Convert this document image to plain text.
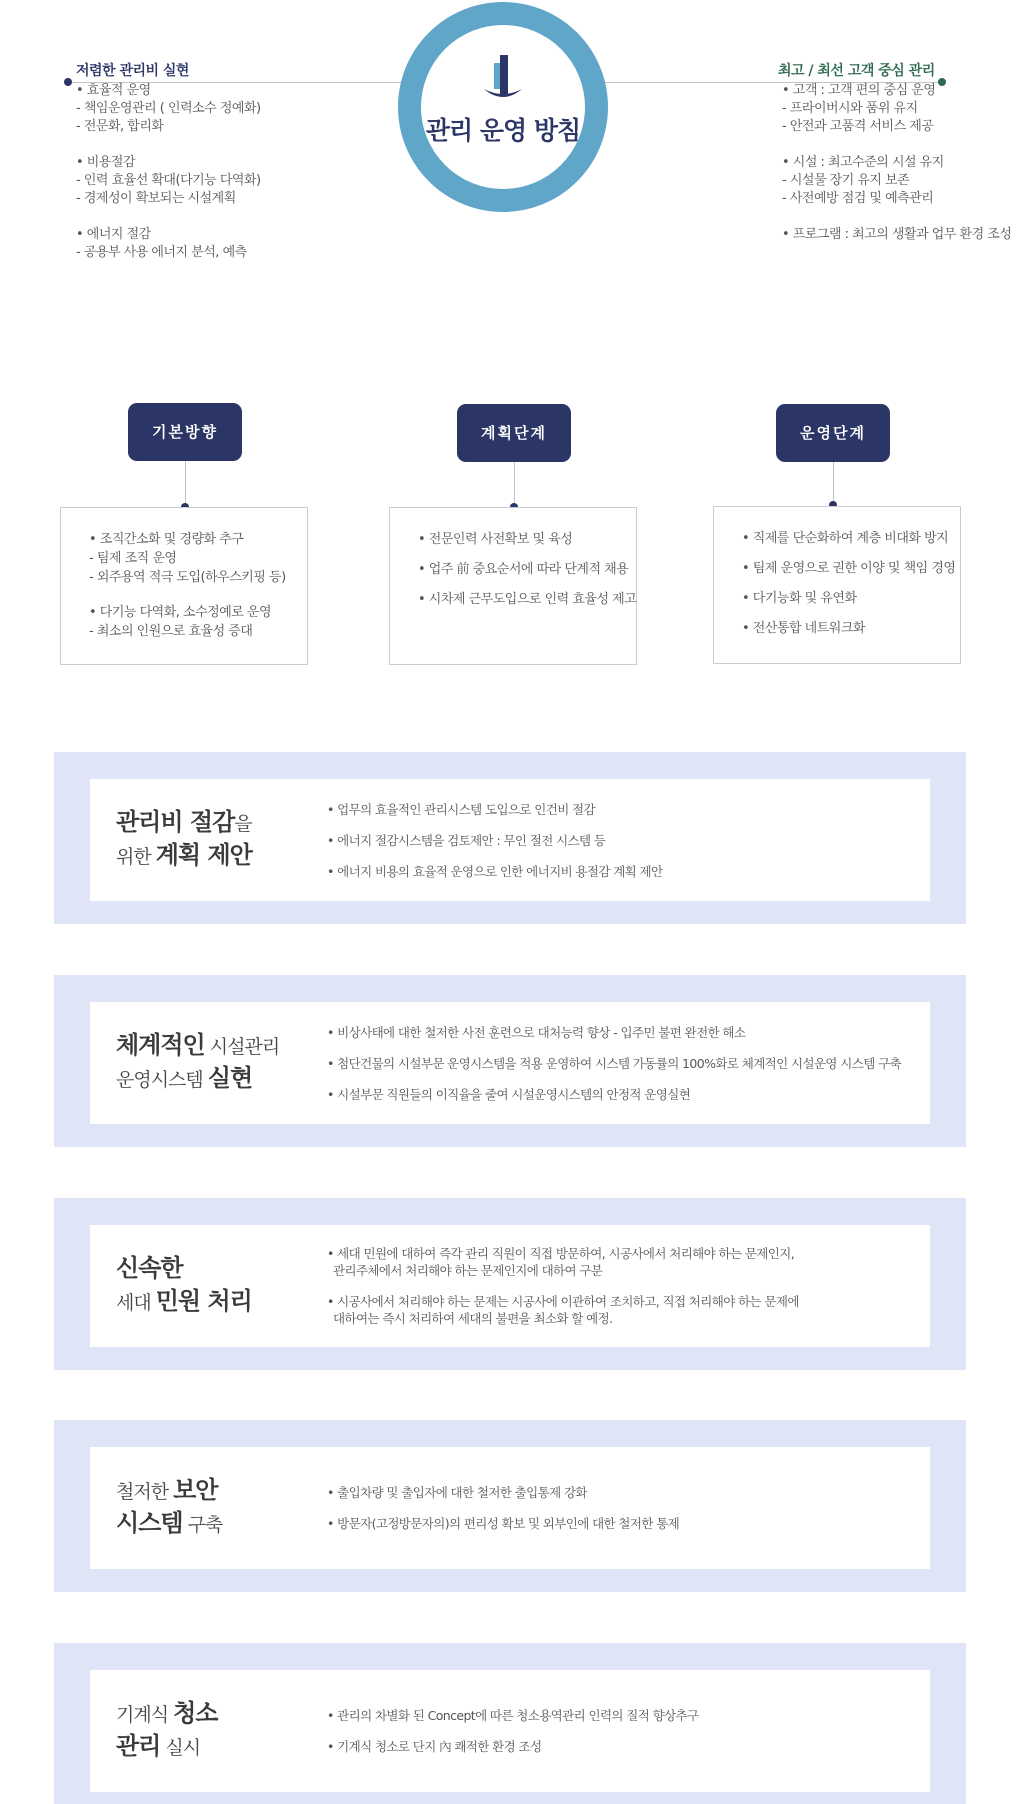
관리 운영 방침
저렴한 관리비 실현

• 효율적 운영

- 책임운영관리 ( 인력소수 정예화)

- 전문화, 합리화

• 비용절감

- 인력 효율선 확대(다기능 다역화)

- 경제성이 확보되는 시설계획

• 에너지 절감

- 공용부 사용 에너지 분석, 예측

최고 / 최선 고객 중심 관리

• 고객 : 고객 편의 중심 운영

- 프라이버시와 품위 유지

- 안전과 고품격 서비스 제공

• 시설 : 최고수준의 시설 유지

- 시설물 장기 유지 보존

- 사전예방 점검 및 예측관리

• 프로그램 : 최고의 생활과 업무 환경 조성

기본방향

• 조직간소화 및 경량화 추구

- 팀제 조직 운영

- 외주용역 적극 도입(하우스키핑 등)

• 다기능 다역화, 소수정예로 운영

- 최소의 인원으로 효율성 증대

계획단계

• 전문인력 사전확보 및 육성

• 업주 前 중요순서에 따라 단계적 채용

• 시차제 근무도입으로 인력 효율성 제고

운영단계

• 직제를 단순화하여 계층 비대화 방지

• 팀제 운영으로 권한 이양 및 책임 경영

• 다기능화 및 유연화

• 전산통합 네트워크화

관리비 절감을
위한 계획 제안

• 업무의 효율적인 관리시스템 도입으로 인건비 절감

• 에너지 절감시스템을 검토제안 : 무인 절전 시스템 등

• 에너지 비용의 효율적 운영으로 인한 에너지비 용절감 계획 제안

체계적인 시설관리
운영시스템 실현

• 비상사태에 대한 철저한 사전 훈련으로 대처능력 향상 - 입주민 불편 완전한 해소

• 첨단건물의 시설부문 운영시스템을 적용 운영하여 시스템 가동률의 100%화로 체계적인 시설운영 시스템 구축

• 시설부문 직원들의 이직율을 줄여 시설운영시스템의 안정적 운영실현

신속한
세대 민원 처리

• 세대 민원에 대하여 즉각 관리 직원이 직접 방문하여, 시공사에서 처리해야 하는 문제인지,
관리주체에서 처리해야 하는 문제인지에 대하여 구분

• 시공사에서 처리해야 하는 문제는 시공사에 이관하여 조치하고, 직접 처리해야 하는 문제에
대하여는 즉시 처리하여 세대의 불편을 최소화 할 예정.

철저한 보안
시스템 구축

• 출입차량 및 출입자에 대한 철저한 출입통제 강화

• 방문자(고정방문자의)의 편리성 확보 및 외부인에 대한 철저한 통제

기계식 청소
관리 실시

• 관리의 차별화 된 Concept에 따른 청소용역관리 인력의 질적 향상추구

• 기계식 청소로 단지 內 쾌적한 환경 조성
